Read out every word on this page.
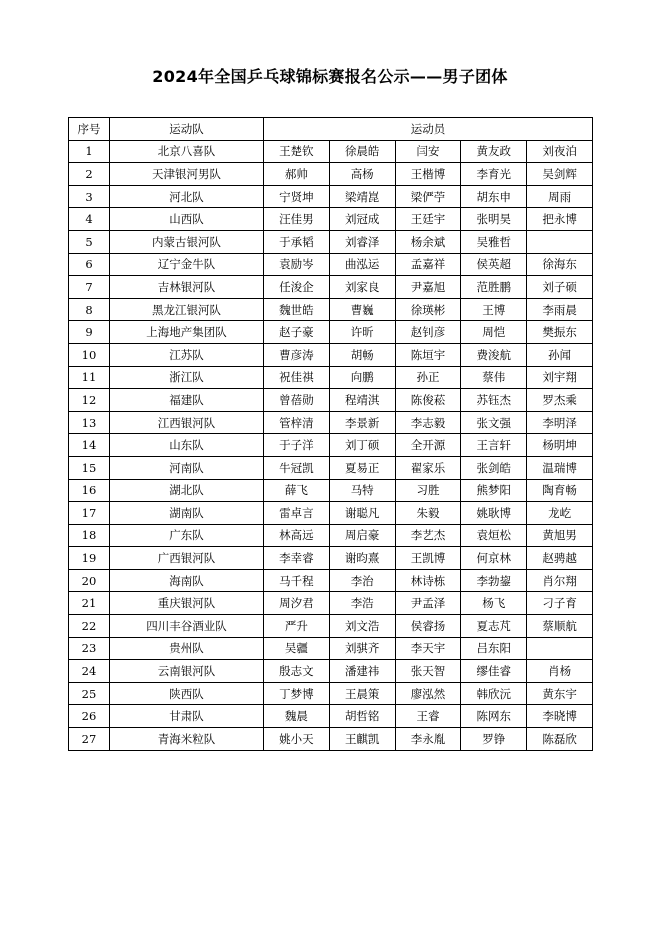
2024年全国乒乓球锦标赛报名公示——男子团体
序号	运动队	运动员				
1	北京八喜队	王楚钦	徐晨皓	闫安	黄友政	刘夜泊
2	天津银河男队	郝帅	高杨	王楷博	李育光	吴剑辉
3	河北队	宁贤坤	梁靖崑	梁俨苧	胡东申	周雨
4	山西队	汪佳男	刘冠成	王廷宇	张明昊	把永博
5	内蒙古银河队	于承韬	刘睿泽	杨余斌	吴雅哲	
6	辽宁金牛队	袁励岑	曲泓运	孟嘉祥	侯英超	徐海东
7	吉林银河队	任浚企	刘家良	尹嘉旭	范胜鹏	刘子硕
8	黑龙江银河队	魏世皓	曹巍	徐瑛彬	王博	李雨晨
9	上海地产集团队	赵子豪	许昕	赵钊彦	周恺	樊振东
10	江苏队	曹彦涛	胡畅	陈垣宇	费浚航	孙闻
11	浙江队	祝佳祺	向鹏	孙正	蔡伟	刘宇翔
12	福建队	曾蓓勋	程靖淇	陈俊菘	苏钰杰	罗杰乘
13	江西银河队	管梓清	李景新	李志毅	张文强	李明泽
14	山东队	于子洋	刘丁硕	全开源	王言轩	杨明坤
15	河南队	牛冠凯	夏易正	翟家乐	张剑皓	温瑞博
16	湖北队	薛飞	马特	习胜	熊梦阳	陶育畅
17	湖南队	雷卓言	谢聪凡	朱毅	姚耿博	龙屹
18	广东队	林高远	周启豪	李艺杰	袁烜松	黄旭男
19	广西银河队	李幸睿	谢昀熹	王凯博	何京林	赵骋越
20	海南队	马千程	李治	林诗栋	李勃鋆	肖尔翔
21	重庆银河队	周汐君	李浩	尹孟泽	杨飞	刁子育
22	四川丰谷酒业队	严升	刘文浩	侯睿扬	夏志芃	蔡顺航
23	贵州队	吴疆	刘骐齐	李天宇	吕东阳	
24	云南银河队	殷志文	潘建祎	张天智	缪佳睿	肖杨
25	陕西队	丁梦博	王晨策	廖泓然	韩欣沅	黄东宇
26	甘肃队	魏晨	胡哲铭	王睿	陈网东	李晓博
27	青海米粒队	姚小天	王麒凯	李永胤	罗铮	陈磊欣
